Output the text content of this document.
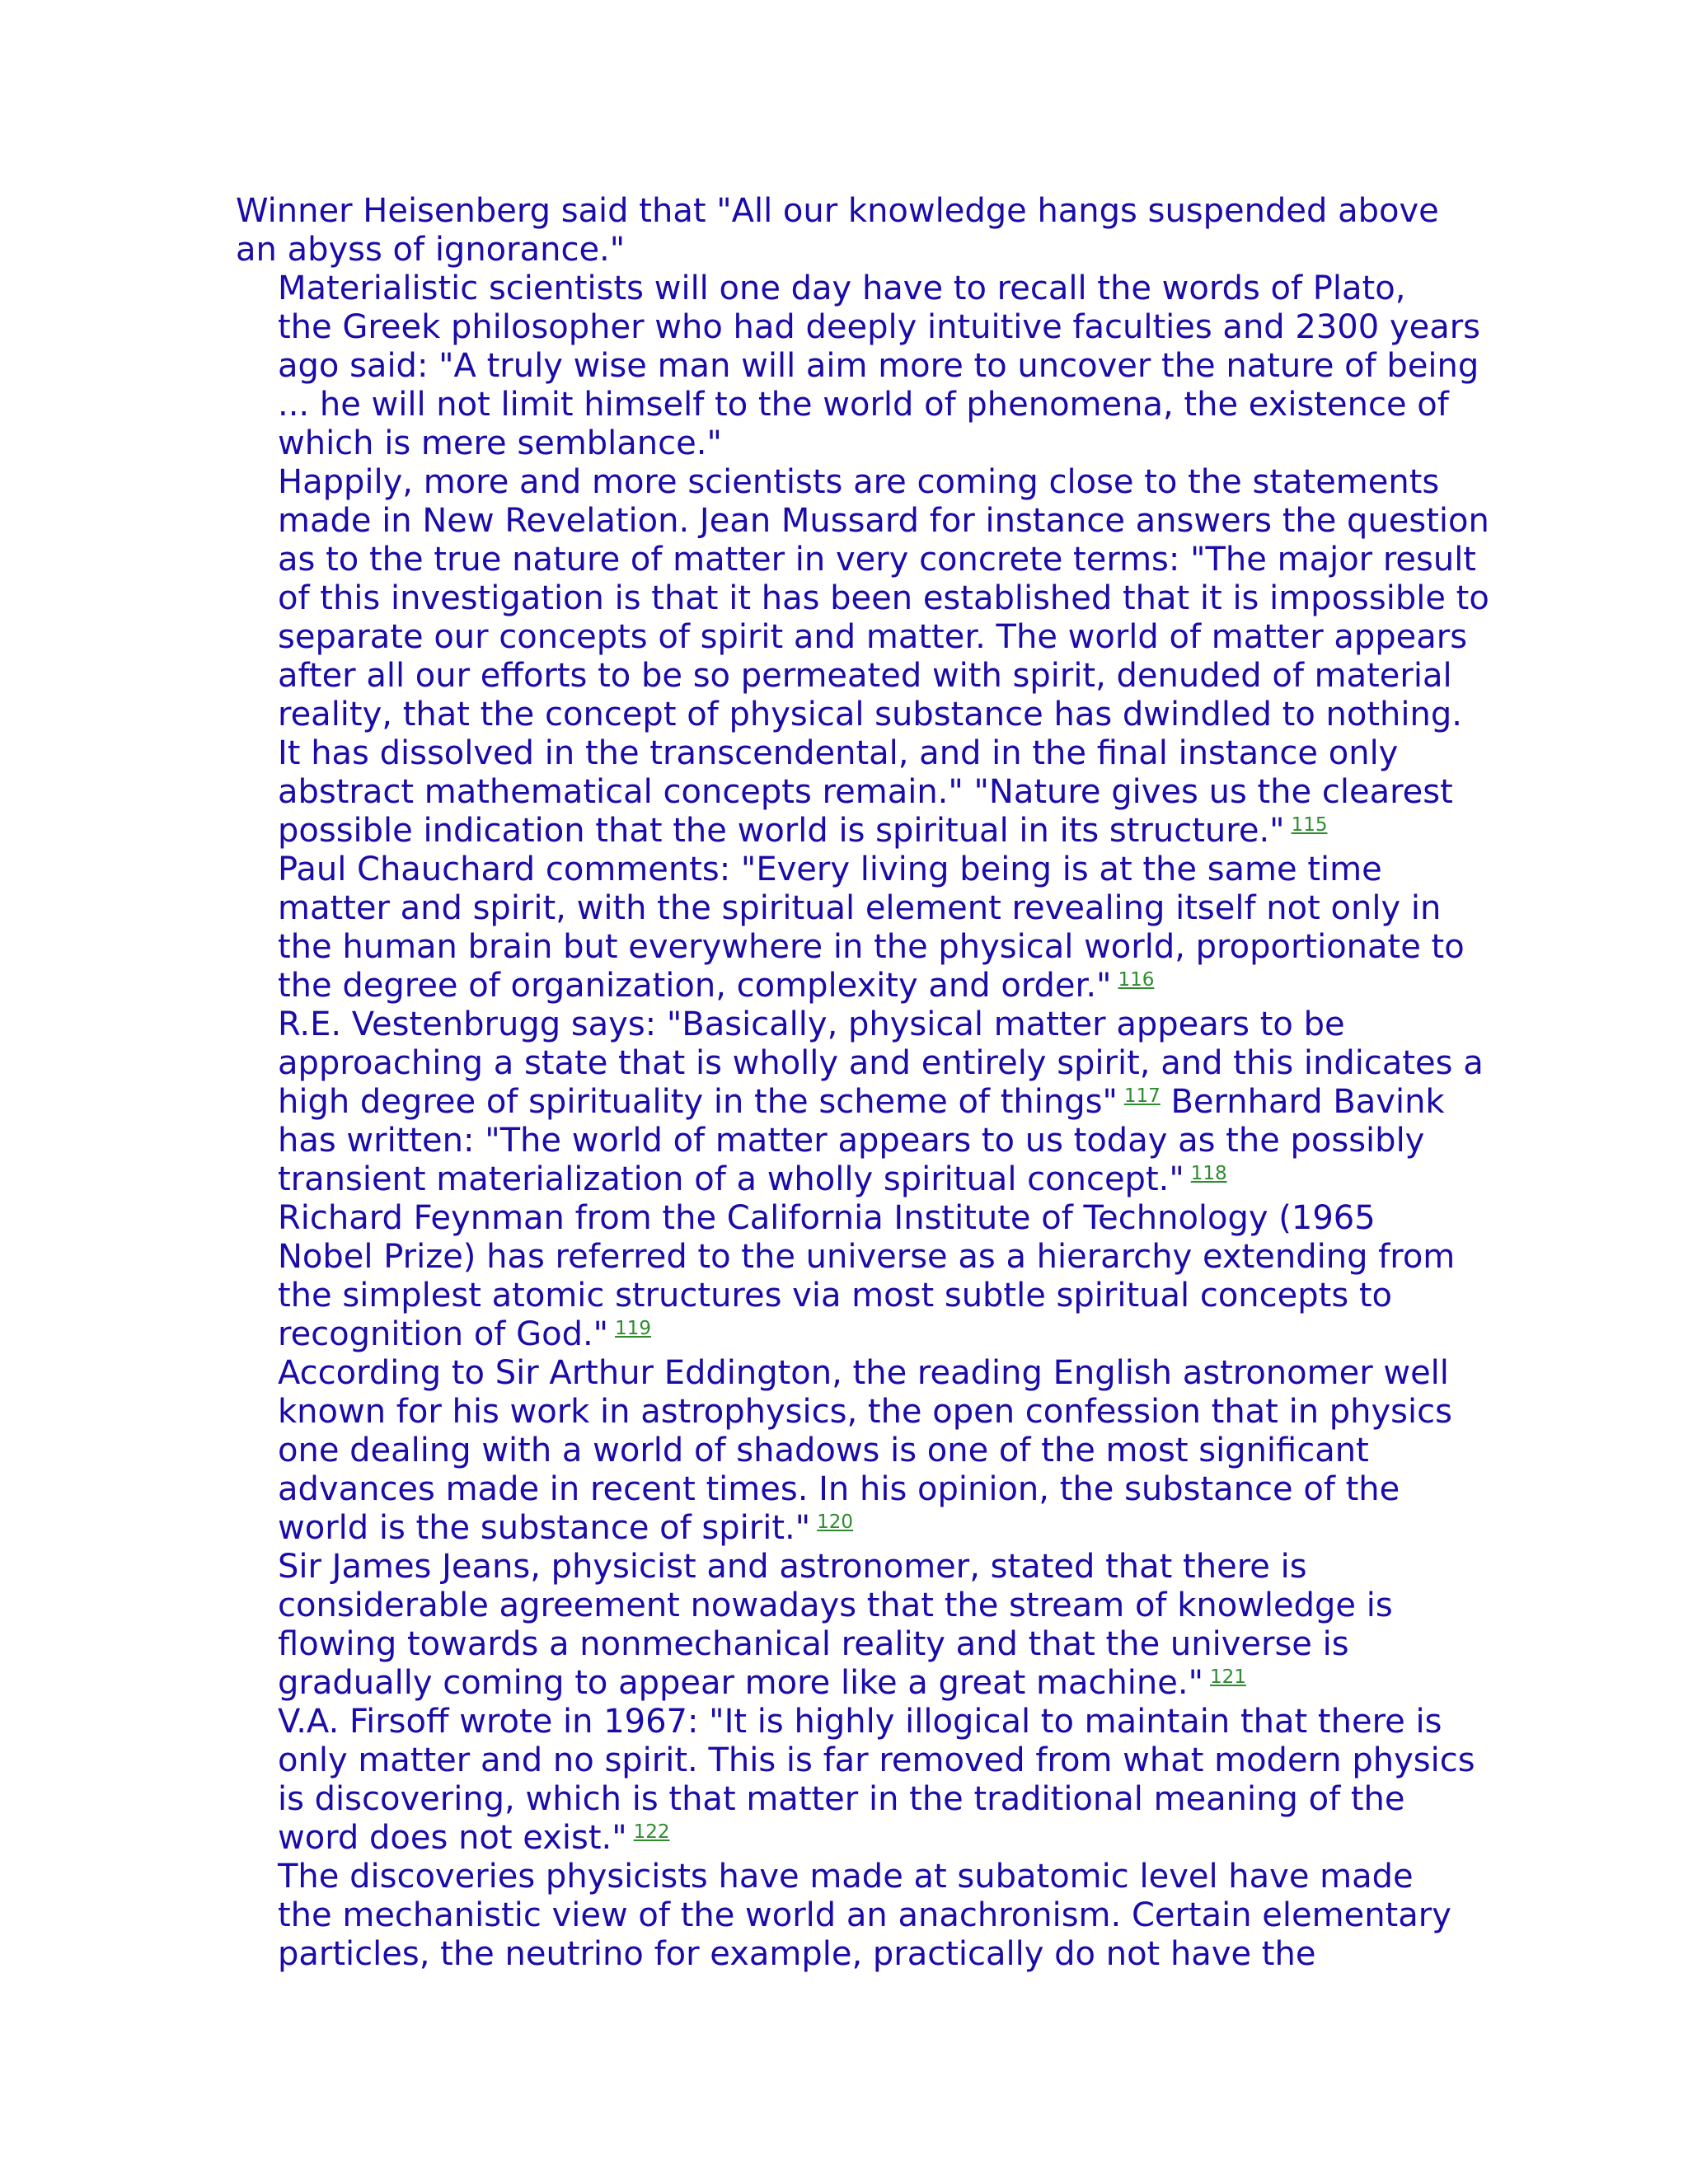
Winner Heisenberg said that "All our knowledge hangs suspended above
an abyss of ignorance."

Materialistic scientists will one day have to recall the words of Plato,
the Greek philosopher who had deeply intuitive faculties and 2300 years
ago said: "A truly wise man will aim more to uncover the nature of being
... he will not limit himself to the world of phenomena, the existence of
which is mere semblance."

Happily, more and more scientists are coming close to the statements
made in New Revelation. Jean Mussard for instance answers the question
as to the true nature of matter in very concrete terms: "The major result
of this investigation is that it has been established that it is impossible to
separate our concepts of spirit and matter. The world of matter appears
after all our efforts to be so permeated with spirit, denuded of material
reality, that the concept of physical substance has dwindled to nothing.
It has dissolved in the transcendental, and in the final instance only
abstract mathematical concepts remain." "Nature gives us the clearest
possible indication that the world is spiritual in its structure." $^{115}$

Paul Chauchard comments: "Every living being is at the same time
matter and spirit, with the spiritual element revealing itself not only in
the human brain but everywhere in the physical world, proportionate to
the degree of organization, complexity and order." $^{116}$

R.E. Vestenbrugg says: "Basically, physical matter appears to be
approaching a state that is wholly and entirely spirit, and this indicates a
high degree of spirituality in the scheme of things" $^{117}$ Bernhard Bavink
has written: "The world of matter appears to us today as the possibly
transient materialization of a wholly spiritual concept." $^{118}$

Richard Feynman from the California Institute of Technology (1965
Nobel Prize) has referred to the universe as a hierarchy extending from
the simplest atomic structures via most subtle spiritual concepts to
recognition of God." $^{119}$

According to Sir Arthur Eddington, the reading English astronomer well
known for his work in astrophysics, the open confession that in physics
one dealing with a world of shadows is one of the most significant
advances made in recent times. In his opinion, the substance of the
world is the substance of spirit." $^{120}$

Sir James Jeans, physicist and astronomer, stated that there is
considerable agreement nowadays that the stream of knowledge is
flowing towards a nonmechanical reality and that the universe is
gradually coming to appear more like a great machine." $^{121}$

V.A. Firsoff wrote in 1967: "It is highly illogical to maintain that there is
only matter and no spirit. This is far removed from what modern physics
is discovering, which is that matter in the traditional meaning of the
word does not exist." $^{122}$

The discoveries physicists have made at subatomic level have made
the mechanistic view of the world an anachronism. Certain elementary
particles, the neutrino for example, practically do not have the
